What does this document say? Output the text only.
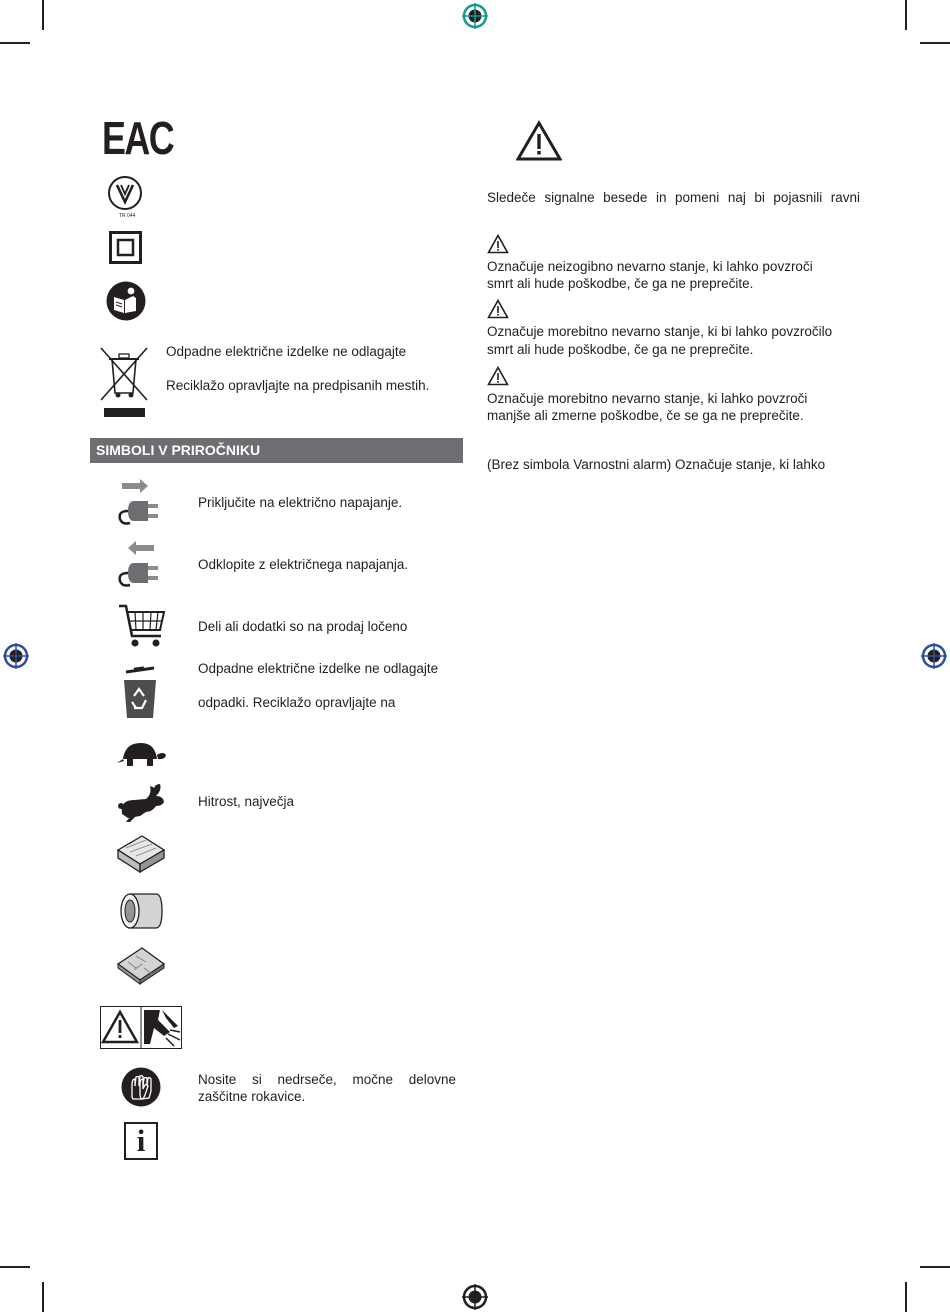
EAC
TR 044
Odpadne električne izdelke ne odlagajte
Reciklažo opravljajte na predpisanih mestih.
SIMBOLI V PRIROČNIKU
Priključite na električno napajanje.
Odklopite z električnega napajanja.
Deli ali dodatki so na prodaj ločeno
Odpadne električne izdelke ne odlagajte
odpadki. Reciklažo opravljajte na
Hitrost, največja
Nosite si nedrseče, močne delovne
zaščitne rokavice.
i
Sledeče signalne besede in pomeni naj bi pojasnili ravni
Označuje neizogibno nevarno stanje, ki lahko povzroči
smrt ali hude poškodbe, če ga ne preprečite.
Označuje morebitno nevarno stanje, ki bi lahko povzročilo
smrt ali hude poškodbe, če ga ne preprečite.
Označuje morebitno nevarno stanje, ki lahko povzroči
manjše ali zmerne poškodbe, če se ga ne preprečite.
(Brez simbola Varnostni alarm) Označuje stanje, ki lahko
